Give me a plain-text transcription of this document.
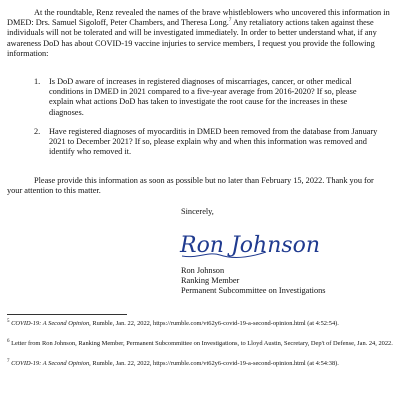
At the roundtable, Renz revealed the names of the brave whistleblowers who uncovered this information in DMED: Drs. Samuel Sigoloff, Peter Chambers, and Theresa Long.$^7$ Any retaliatory actions taken against these individuals will not be tolerated and will be investigated immediately. In order to better understand what, if any awareness DoD has about COVID-19 vaccine injuries to service members, I request you provide the following information:

1. Is DoD aware of increases in registered diagnoses of miscarriages, cancer, or other medical conditions in DMED in 2021 compared to a five-year average from 2016-2020? If so, please explain what actions DoD has taken to investigate the root cause for the increases in these diagnoses.
2. Have registered diagnoses of myocarditis in DMED been removed from the database from January 2021 to December 2021? If so, please explain why and when this information was removed and identify who removed it.

Please provide this information as soon as possible but no later than February 15, 2022. Thank you for your attention to this matter.

Sincerely,
Ron Johnson
Ron Johnson
Ranking Member
Permanent Subcommittee on Investigations
$^5$ COVID-19: A Second Opinion, Rumble, Jan. 22, 2022, https://rumble.com/vt62y6-covid-19-a-second-opinion.html (at 4:52:54).
$^6$ Letter from Ron Johnson, Ranking Member, Permanent Subcommittee on Investigations, to Lloyd Austin, Secretary, Dep't of Defense, Jan. 24, 2022.
$^7$ COVID-19: A Second Opinion, Rumble, Jan. 22, 2022, https://rumble.com/vt62y6-covid-19-a-second-opinion.html (at 4:54:38).
